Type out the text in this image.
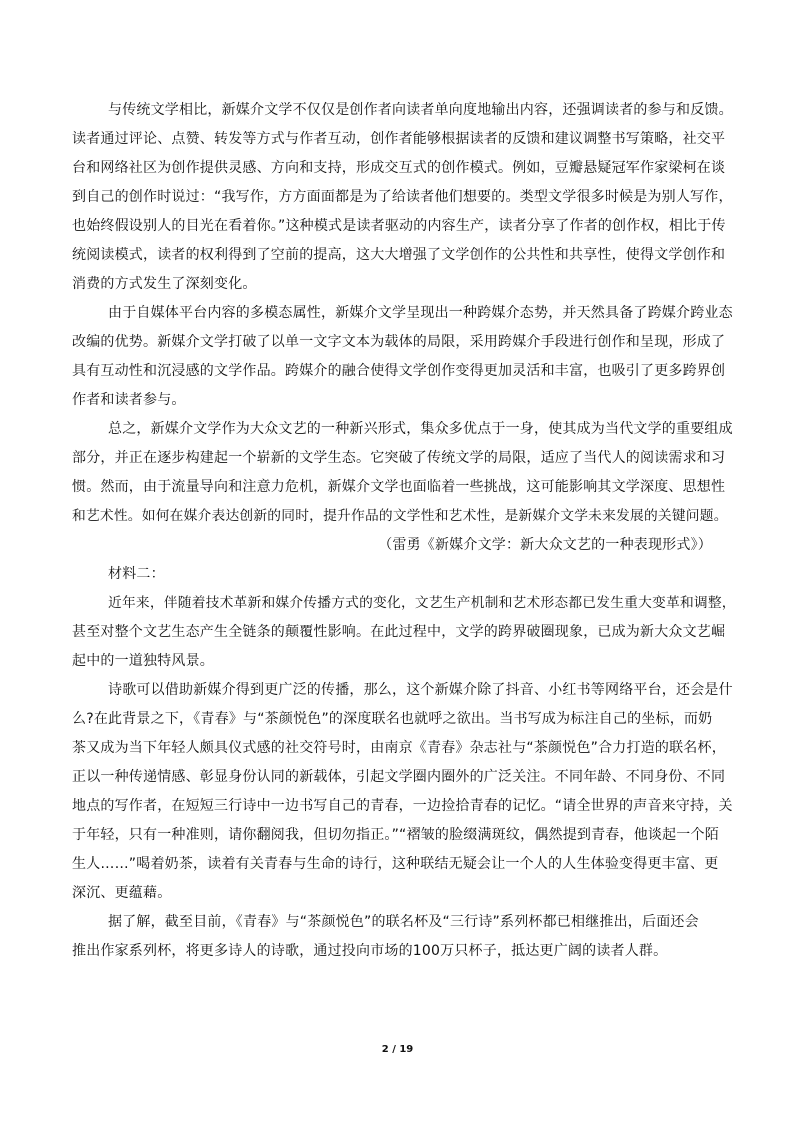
与传统文学相比，新媒介文学不仅仅是创作者向读者单向度地输出内容，还强调读者的参与和反馈。
读者通过评论、点赞、转发等方式与作者互动，创作者能够根据读者的反馈和建议调整书写策略，社交平
台和网络社区为创作提供灵感、方向和支持，形成交互式的创作模式。例如，豆瓣悬疑冠军作家梁柯在谈
到自己的创作时说过：“我写作，方方面面都是为了给读者他们想要的。类型文学很多时候是为别人写作，
也始终假设别人的目光在看着你。”这种模式是读者驱动的内容生产，读者分享了作者的创作权，相比于传
统阅读模式，读者的权利得到了空前的提高，这大大增强了文学创作的公共性和共享性，使得文学创作和
消费的方式发生了深刻变化。
由于自媒体平台内容的多模态属性，新媒介文学呈现出一种跨媒介态势，并天然具备了跨媒介跨业态
改编的优势。新媒介文学打破了以单一文字文本为载体的局限，采用跨媒介手段进行创作和呈现，形成了
具有互动性和沉浸感的文学作品。跨媒介的融合使得文学创作变得更加灵活和丰富，也吸引了更多跨界创
作者和读者参与。
总之，新媒介文学作为大众文艺的一种新兴形式，集众多优点于一身，使其成为当代文学的重要组成
部分，并正在逐步构建起一个崭新的文学生态。它突破了传统文学的局限，适应了当代人的阅读需求和习
惯。然而，由于流量导向和注意力危机，新媒介文学也面临着一些挑战，这可能影响其文学深度、思想性
和艺术性。如何在媒介表达创新的同时，提升作品的文学性和艺术性，是新媒介文学未来发展的关键问题。
（雷勇《新媒介文学：新大众文艺的一种表现形式》）
材料二：
近年来，伴随着技术革新和媒介传播方式的变化，文艺生产机制和艺术形态都已发生重大变革和调整，
甚至对整个文艺生态产生全链条的颠覆性影响。在此过程中，文学的跨界破圈现象，已成为新大众文艺崛
起中的一道独特风景。
诗歌可以借助新媒介得到更广泛的传播，那么，这个新媒介除了抖音、小红书等网络平台，还会是什
么?在此背景之下，《青春》与“茶颜悦色”的深度联名也就呼之欲出。当书写成为标注自己的坐标，而奶
茶又成为当下年轻人颇具仪式感的社交符号时，由南京《青春》杂志社与“茶颜悦色”合力打造的联名杯，
正以一种传递情感、彰显身份认同的新载体，引起文学圈内圈外的广泛关注。不同年龄、不同身份、不同
地点的写作者，在短短三行诗中一边书写自己的青春，一边捡拾青春的记忆。“请全世界的声音来守持，关
于年轻，只有一种准则，请你翻阅我，但切勿指正。”“褶皱的脸缀满斑纹，偶然提到青春，他谈起一个陌
生人……”喝着奶茶，读着有关青春与生命的诗行，这种联结无疑会让一个人的人生体验变得更丰富、更
深沉、更蕴藉。
据了解，截至目前，《青春》与“茶颜悦色”的联名杯及“三行诗”系列杯都已相继推出，后面还会
推出作家系列杯，将更多诗人的诗歌，通过投向市场的100万只杯子，抵达更广阔的读者人群。
2 / 19
